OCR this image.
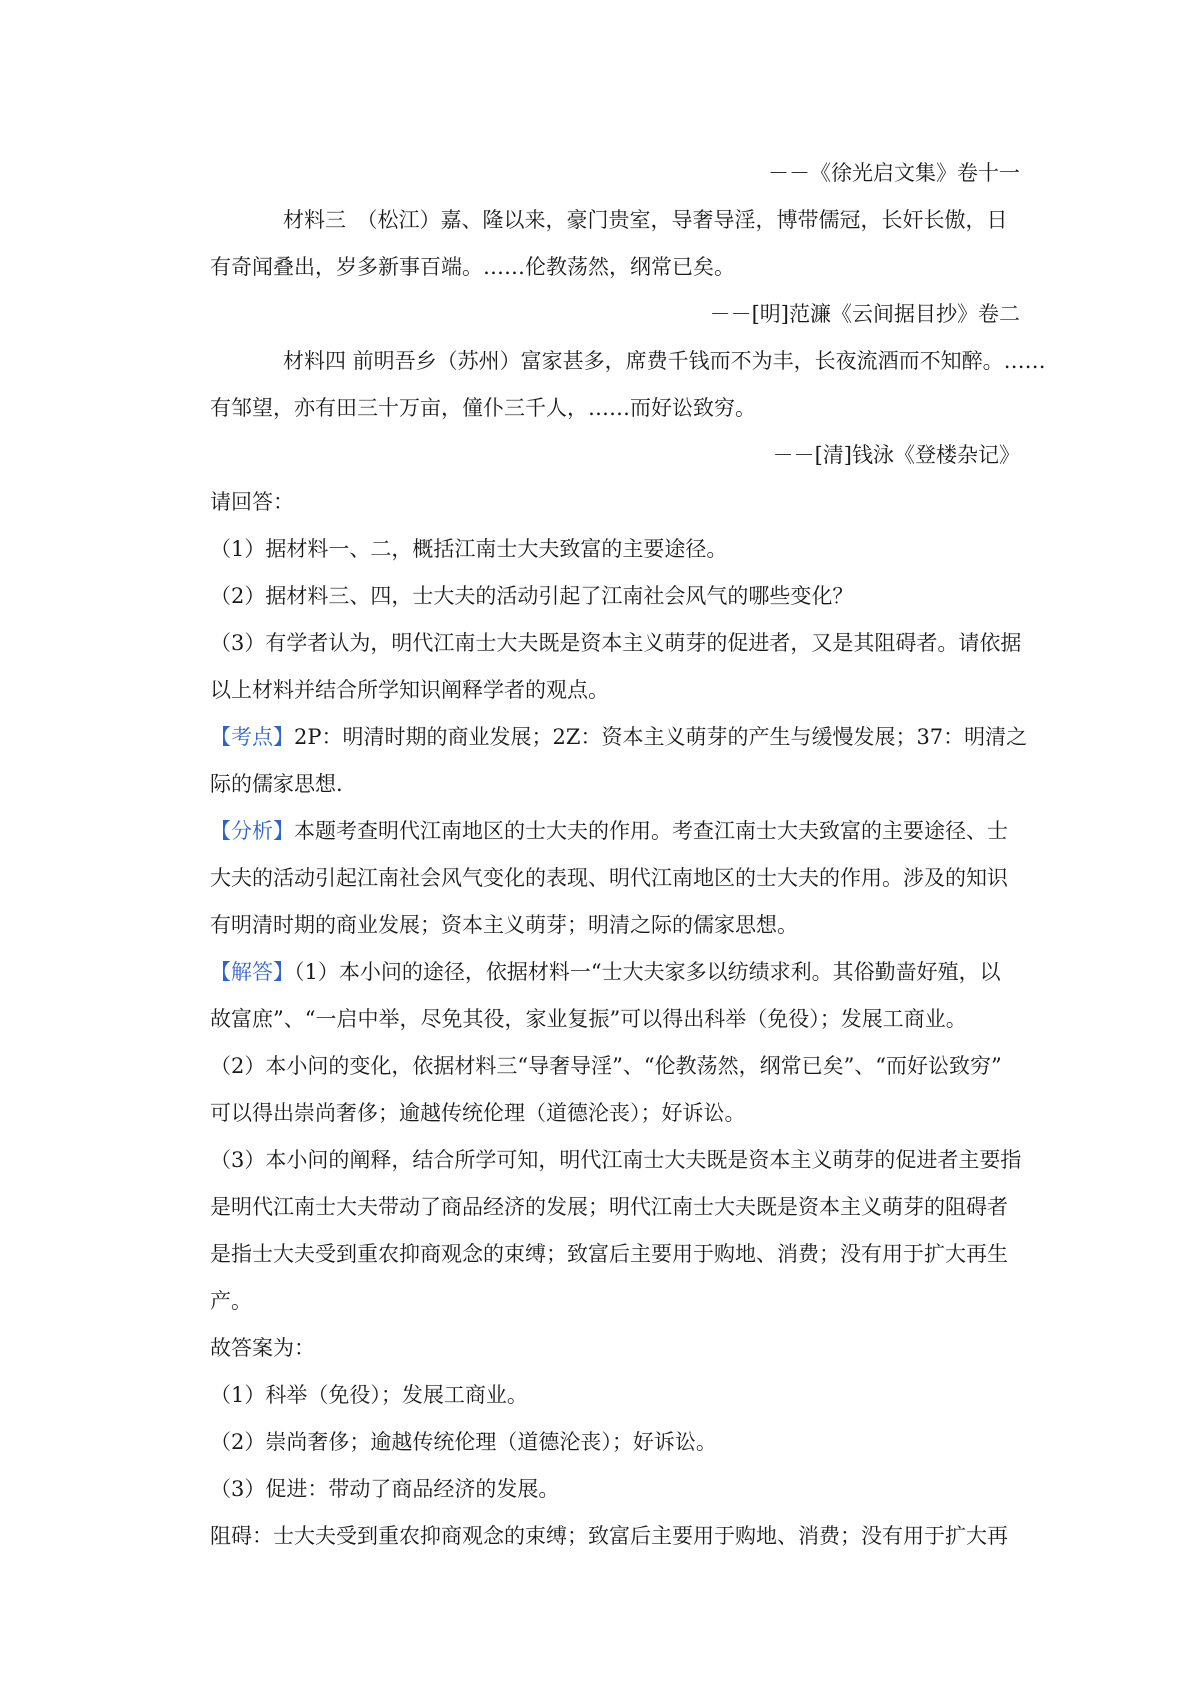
－－《徐光启文集》卷十一
材料三　（松江）嘉、隆以来，豪门贵室，导奢导淫，博带儒冠，长奸长傲，日
有奇闻叠出，岁多新事百端。……伦教荡然，纲常已矣。
－－[明]范濂《云间据目抄》卷二
材料四 前明吾乡（苏州）富家甚多，席费千钱而不为丰，长夜流酒而不知醉。……
有邹望，亦有田三十万亩，僮仆三千人，……而好讼致穷。
－－[清]钱泳《登楼杂记》
请回答：
（1）据材料一、二，概括江南士大夫致富的主要途径。
（2）据材料三、四，士大夫的活动引起了江南社会风气的哪些变化？
（3）有学者认为，明代江南士大夫既是资本主义萌芽的促进者，又是其阻碍者。请依据
以上材料并结合所学知识阐释学者的观点。
【考点】2P：明清时期的商业发展；2Z：资本主义萌芽的产生与缓慢发展；37：明清之
际的儒家思想.
【分析】本题考查明代江南地区的士大夫的作用。考查江南士大夫致富的主要途径、士
大夫的活动引起江南社会风气变化的表现、明代江南地区的士大夫的作用。涉及的知识
有明清时期的商业发展；资本主义萌芽；明清之际的儒家思想。
【解答】（1）本小问的途径，依据材料一“士大夫家多以纺绩求利。其俗勤啬好殖，以
故富庶”、“一启中举，尽免其役，家业复振”可以得出科举（免役）；发展工商业。
（2）本小问的变化，依据材料三“导奢导淫”、“伦教荡然，纲常已矣”、“而好讼致穷”
可以得出崇尚奢侈；逾越传统伦理（道德沦丧）；好诉讼。
（3）本小问的阐释，结合所学可知，明代江南士大夫既是资本主义萌芽的促进者主要指
是明代江南士大夫带动了商品经济的发展；明代江南士大夫既是资本主义萌芽的阻碍者
是指士大夫受到重农抑商观念的束缚；致富后主要用于购地、消费；没有用于扩大再生
产。
故答案为：
（1）科举（免役）；发展工商业。
（2）崇尚奢侈；逾越传统伦理（道德沦丧）；好诉讼。
（3）促进：带动了商品经济的发展。
阻碍：士大夫受到重农抑商观念的束缚；致富后主要用于购地、消费；没有用于扩大再
